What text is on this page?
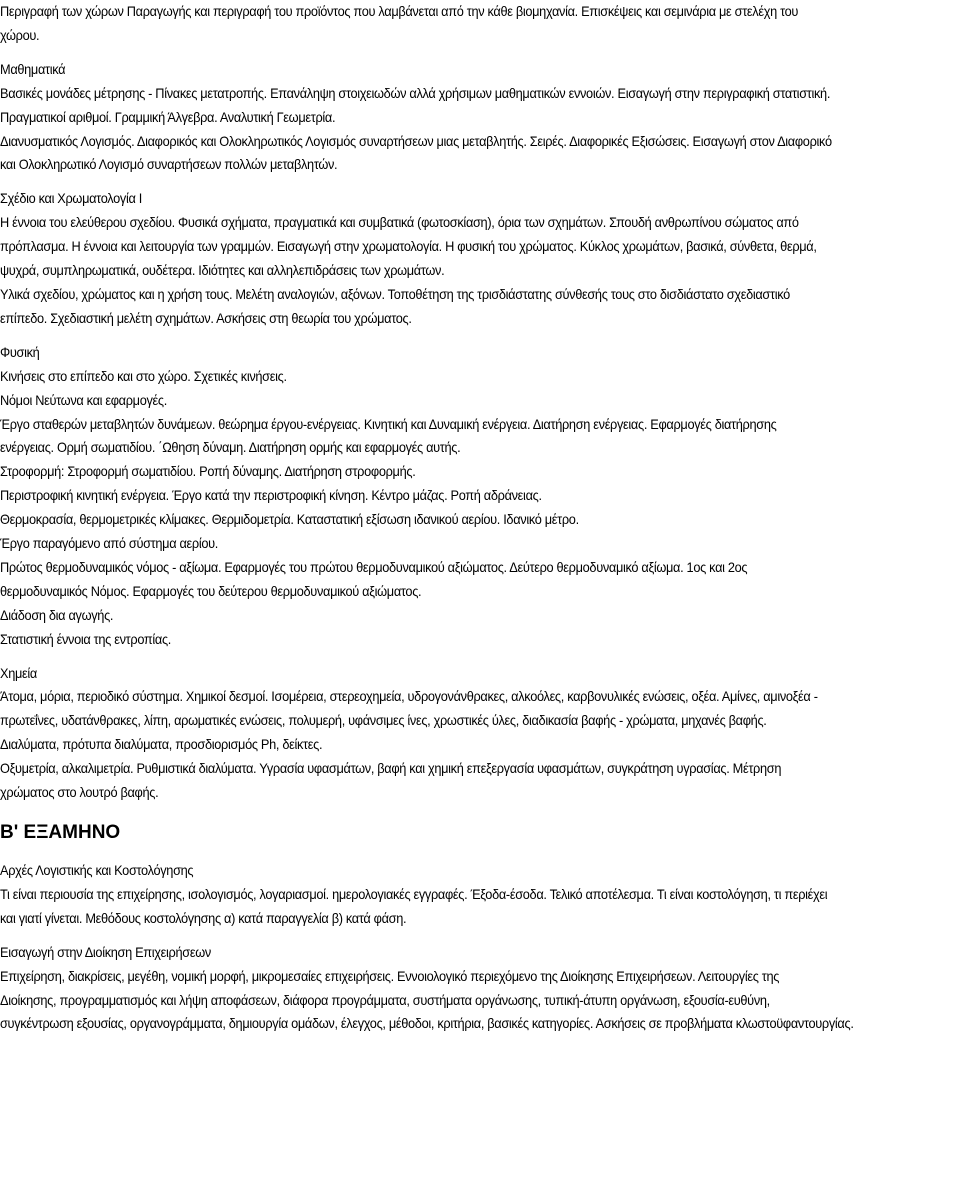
Περιγραφή των χώρων Παραγωγής και περιγραφή του προϊόντος που λαμβάνεται από την κάθε βιομηχανία. Επισκέψεις και σεμινάρια με στελέχη του

χώρου.

Μαθηματικά

Βασικές μονάδες μέτρησης - Πίνακες μετατροπής. Επανάληψη στοιχειωδών αλλά χρήσιμων μαθηματικών εννοιών. Εισαγωγή στην περιγραφική στατιστική.

Πραγματικοί αριθμοί. Γραμμική Άλγεβρα. Αναλυτική Γεωμετρία.

Διανυσματικός Λογισμός. Διαφορικός και Ολοκληρωτικός Λογισμός συναρτήσεων μιας μεταβλητής. Σειρές. Διαφορικές Εξισώσεις. Εισαγωγή στον Διαφορικό

και Ολοκληρωτικό Λογισμό συναρτήσεων πολλών μεταβλητών.

Σχέδιο και Χρωματολογία Ι

Η έννοια του ελεύθερου σχεδίου. Φυσικά σχήματα, πραγματικά και συμβατικά (φωτοσκίαση), όρια των σχημάτων. Σπουδή ανθρωπίνου σώματος από

πρόπλασμα. Η έννοια και λειτουργία των γραμμών. Εισαγωγή στην χρωματολογία. Η φυσική του χρώματος. Κύκλος χρωμάτων, βασικά, σύνθετα, θερμά,

ψυχρά, συμπληρωματικά, ουδέτερα. Ιδιότητες και αλληλεπιδράσεις των χρωμάτων.

Υλικά σχεδίου, χρώματος και η χρήση τους. Μελέτη αναλογιών, αξόνων. Τοποθέτηση της τρισδιάστατης σύνθεσής τους στο δισδιάστατο σχεδιαστικό

επίπεδο. Σχεδιαστική μελέτη σχημάτων. Ασκήσεις στη θεωρία του χρώματος.

Φυσική

Κινήσεις στο επίπεδο και στο χώρο. Σχετικές κινήσεις.

Νόμοι Νεύτωνα και εφαρμογές.

Έργο σταθερών μεταβλητών δυνάμεων. θεώρημα έργου-ενέργειας. Κινητική και Δυναμική ενέργεια. Διατήρηση ενέργειας. Εφαρμογές διατήρησης

ενέργειας. Ορμή σωματιδίου. ΄Ωθηση δύναμη. Διατήρηση ορμής και εφαρμογές αυτής.

Στροφορμή: Στροφορμή σωματιδίου. Ροπή δύναμης. Διατήρηση στροφορμής.

Περιστροφική κινητική ενέργεια. Έργο κατά την περιστροφική κίνηση. Κέντρο μάζας. Ροπή αδράνειας.

Θερμοκρασία, θερμομετρικές κλίμακες. Θερμιδομετρία. Καταστατική εξίσωση ιδανικού αερίου. Ιδανικό μέτρο.

Έργο παραγόμενο από σύστημα αερίου.

Πρώτος θερμοδυναμικός νόμος - αξίωμα. Εφαρμογές του πρώτου θερμοδυναμικού αξιώματος. Δεύτερο θερμοδυναμικό αξίωμα. 1ος και 2ος

θερμοδυναμικός Νόμος. Εφαρμογές του δεύτερου θερμοδυναμικού αξιώματος.

Διάδοση δια αγωγής.

Στατιστική έννοια της εντροπίας.

Χημεία

Άτομα, μόρια, περιοδικό σύστημα. Χημικοί δεσμοί. Ισομέρεια, στερεοχημεία, υδρογονάνθρακες, αλκοόλες, καρβονυλικές ενώσεις, οξέα. Αμίνες, αμινοξέα -

πρωτεΐνες, υδατάνθρακες, λίπη, αρωματικές ενώσεις, πολυμερή, υφάνσιμες ίνες, χρωστικές ύλες, διαδικασία βαφής - χρώματα, μηχανές βαφής.

Διαλύματα, πρότυπα διαλύματα, προσδιορισμός Ph, δείκτες.

Οξυμετρία, αλκαλιμετρία. Ρυθμιστικά διαλύματα. Υγρασία υφασμάτων, βαφή και χημική επεξεργασία υφασμάτων, συγκράτηση υγρασίας. Μέτρηση

χρώματος στο λουτρό βαφής.

Β' ΕΞΑΜΗΝΟ

Αρχές Λογιστικής και Κοστολόγησης

Τι είναι περιουσία της επιχείρησης, ισολογισμός, λογαριασμοί. ημερολογιακές εγγραφές. Έξοδα-έσοδα. Τελικό αποτέλεσμα. Τι είναι κοστολόγηση, τι περιέχει

και γιατί γίνεται. Μεθόδους κοστολόγησης α) κατά παραγγελία β) κατά φάση.

Εισαγωγή στην Διοίκηση Επιχειρήσεων

Επιχείρηση, διακρίσεις, μεγέθη, νομική μορφή, μικρομεσαίες επιχειρήσεις. Εννοιολογικό περιεχόμενο της Διοίκησης Επιχειρήσεων. Λειτουργίες της

Διοίκησης, προγραμματισμός και λήψη αποφάσεων, διάφορα προγράμματα, συστήματα οργάνωσης, τυπική-άτυπη οργάνωση, εξουσία-ευθύνη,

συγκέντρωση εξουσίας, οργανογράμματα, δημιουργία ομάδων, έλεγχος, μέθοδοι, κριτήρια, βασικές κατηγορίες. Ασκήσεις σε προβλήματα κλωστοϋφαντουργίας.
